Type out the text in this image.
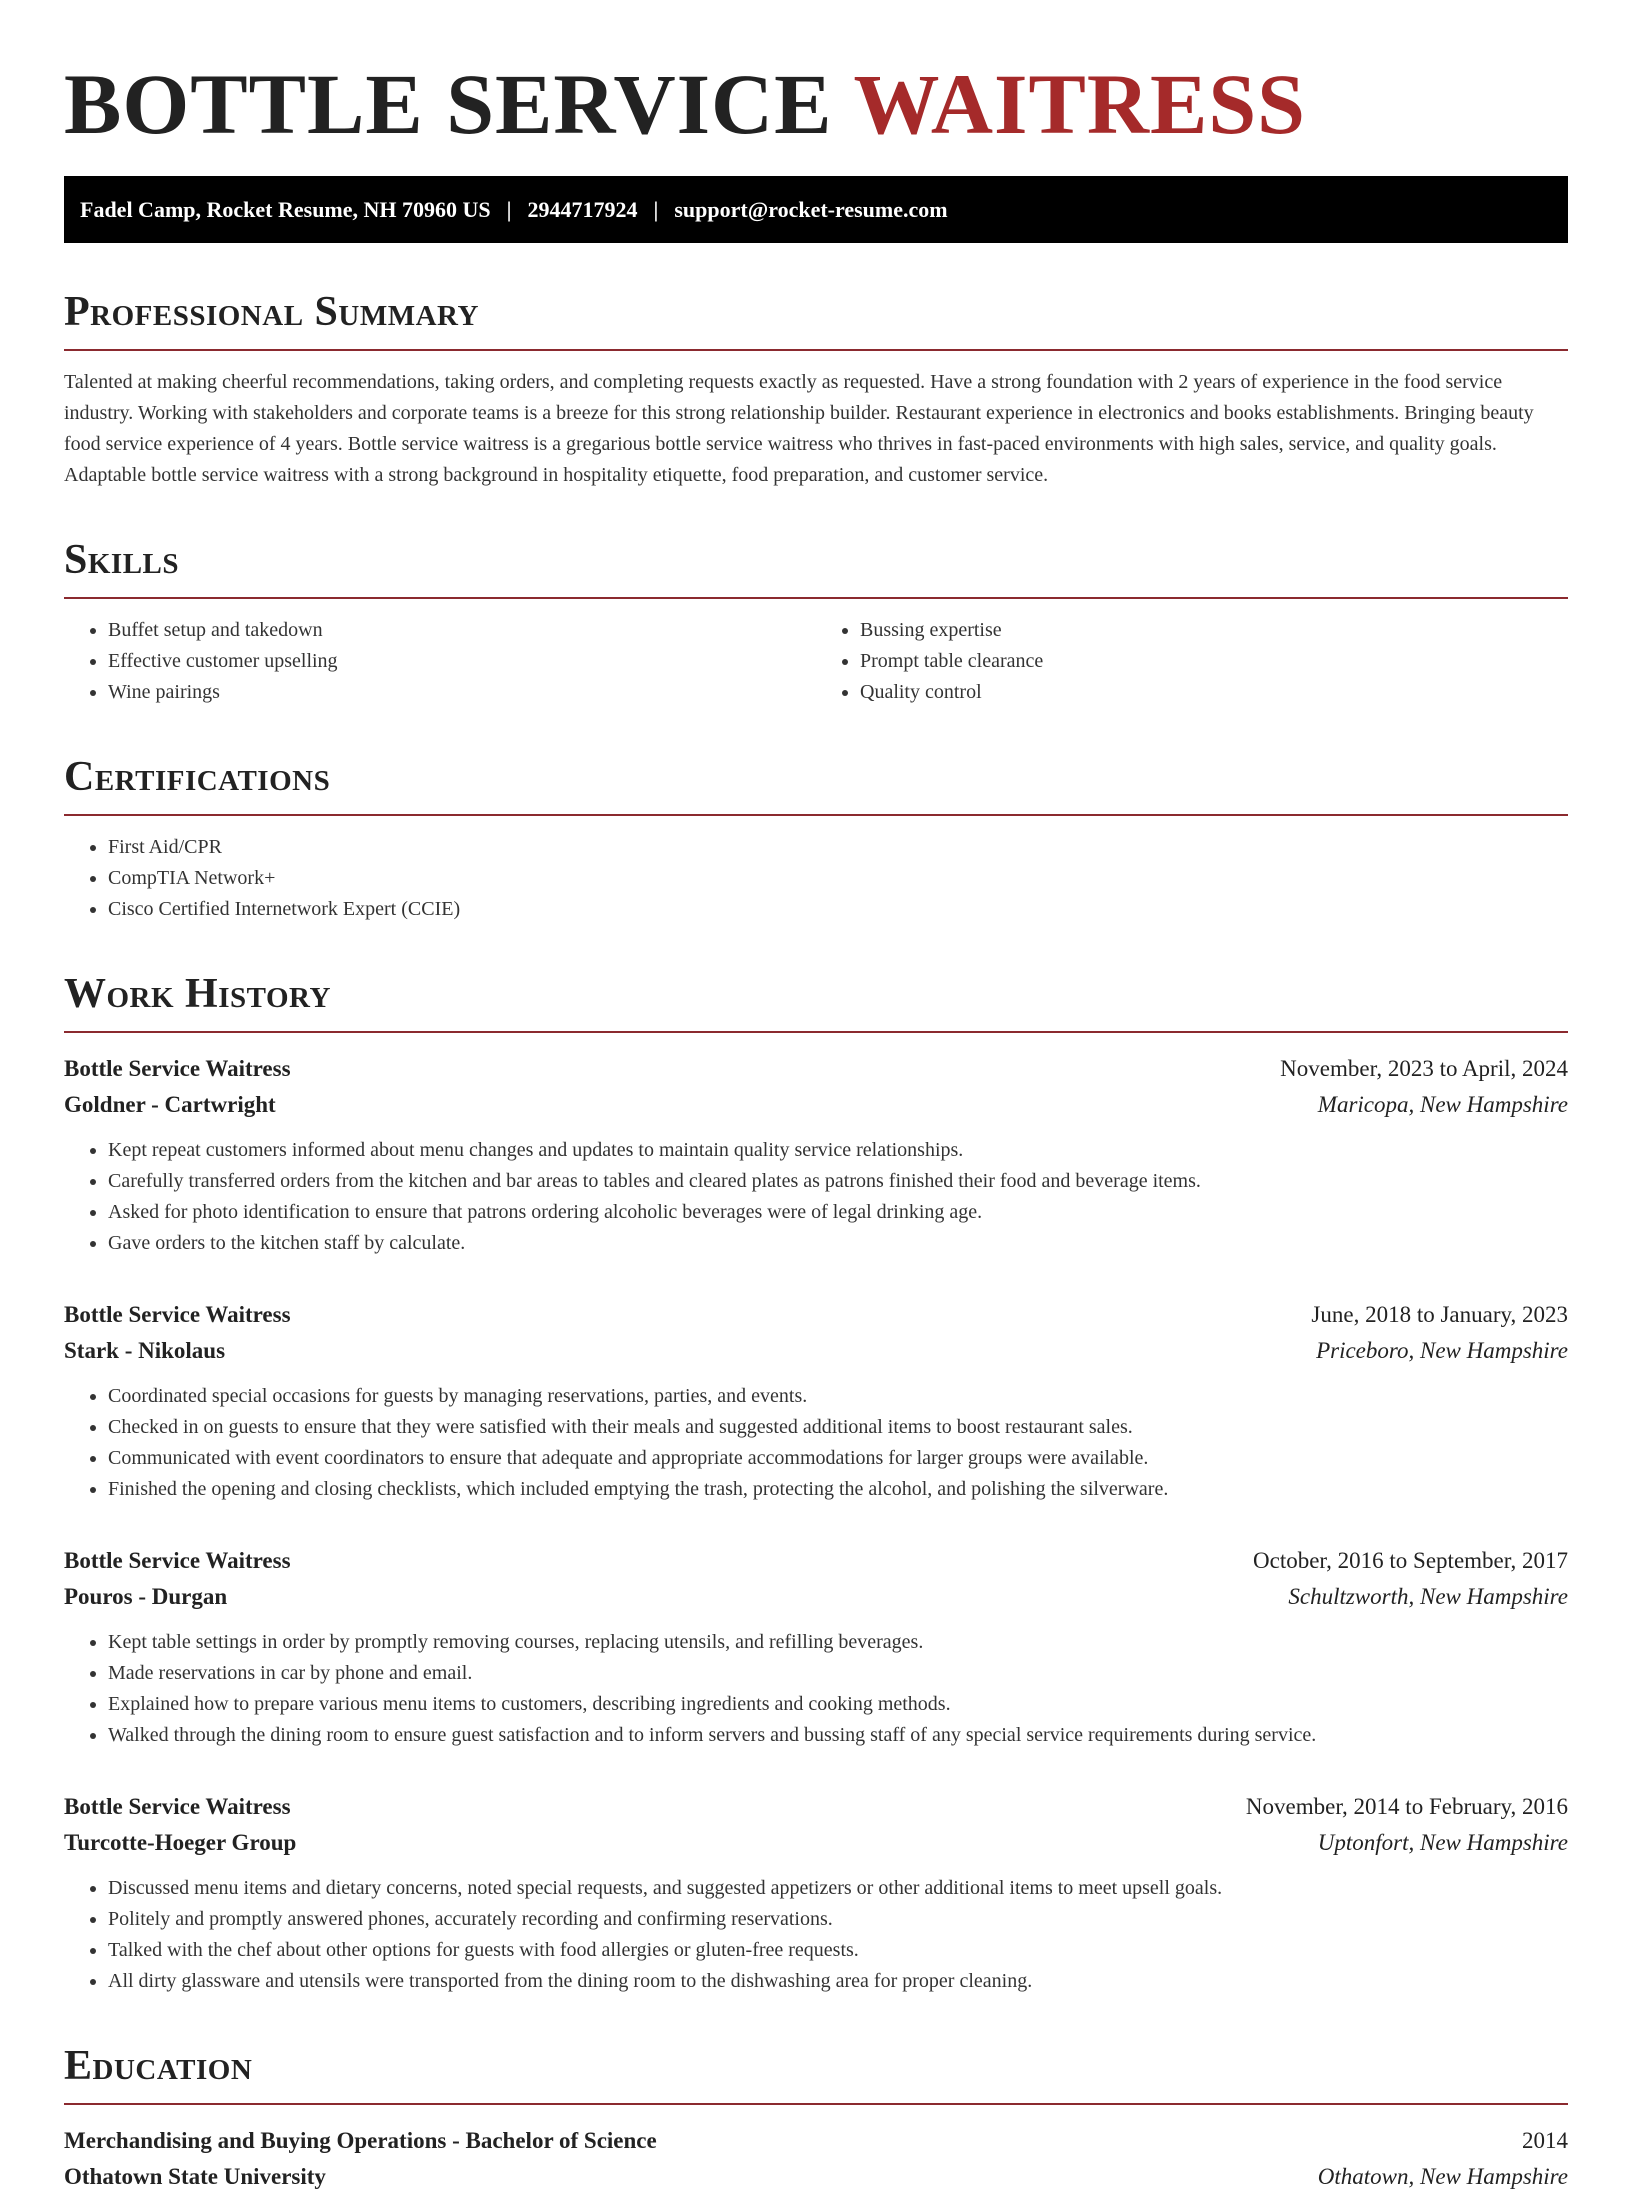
BOTTLE SERVICE WAITRESS
Fadel Camp, Rocket Resume, NH 70960 US | 2944717924 | support@rocket-resume.com
Professional Summary

Talented at making cheerful recommendations, taking orders, and completing requests exactly as requested. Have a strong foundation with 2 years of experience in the food service industry. Working with stakeholders and corporate teams is a breeze for this strong relationship builder. Restaurant experience in electronics and books establishments. Bringing beauty food service experience of 4 years. Bottle service waitress is a gregarious bottle service waitress who thrives in fast-paced environments with high sales, service, and quality goals. Adaptable bottle service waitress with a strong background in hospitality etiquette, food preparation, and customer service.

Skills
• Buffet setup and takedown
• Effective customer upselling
• Wine pairings
• Bussing expertise
• Prompt table clearance
• Quality control
Certifications
• First Aid/CPR
• CompTIA Network+
• Cisco Certified Internetwork Expert (CCIE)
Work History
Bottle Service Waitress	November, 2023 to April, 2024
Goldner - Cartwright	Maricopa, New Hampshire
• Kept repeat customers informed about menu changes and updates to maintain quality service relationships.
• Carefully transferred orders from the kitchen and bar areas to tables and cleared plates as patrons finished their food and beverage items.
• Asked for photo identification to ensure that patrons ordering alcoholic beverages were of legal drinking age.
• Gave orders to the kitchen staff by calculate.
Bottle Service Waitress	June, 2018 to January, 2023
Stark - Nikolaus	Priceboro, New Hampshire
• Coordinated special occasions for guests by managing reservations, parties, and events.
• Checked in on guests to ensure that they were satisfied with their meals and suggested additional items to boost restaurant sales.
• Communicated with event coordinators to ensure that adequate and appropriate accommodations for larger groups were available.
• Finished the opening and closing checklists, which included emptying the trash, protecting the alcohol, and polishing the silverware.
Bottle Service Waitress	October, 2016 to September, 2017
Pouros - Durgan	Schultzworth, New Hampshire
• Kept table settings in order by promptly removing courses, replacing utensils, and refilling beverages.
• Made reservations in car by phone and email.
• Explained how to prepare various menu items to customers, describing ingredients and cooking methods.
• Walked through the dining room to ensure guest satisfaction and to inform servers and bussing staff of any special service requirements during service.
Bottle Service Waitress	November, 2014 to February, 2016
Turcotte-Hoeger Group	Uptonfort, New Hampshire
• Discussed menu items and dietary concerns, noted special requests, and suggested appetizers or other additional items to meet upsell goals.
• Politely and promptly answered phones, accurately recording and confirming reservations.
• Talked with the chef about other options for guests with food allergies or gluten-free requests.
• All dirty glassware and utensils were transported from the dining room to the dishwashing area for proper cleaning.
Education
Merchandising and Buying Operations - Bachelor of Science	2014
Othatown State University	Othatown, New Hampshire
